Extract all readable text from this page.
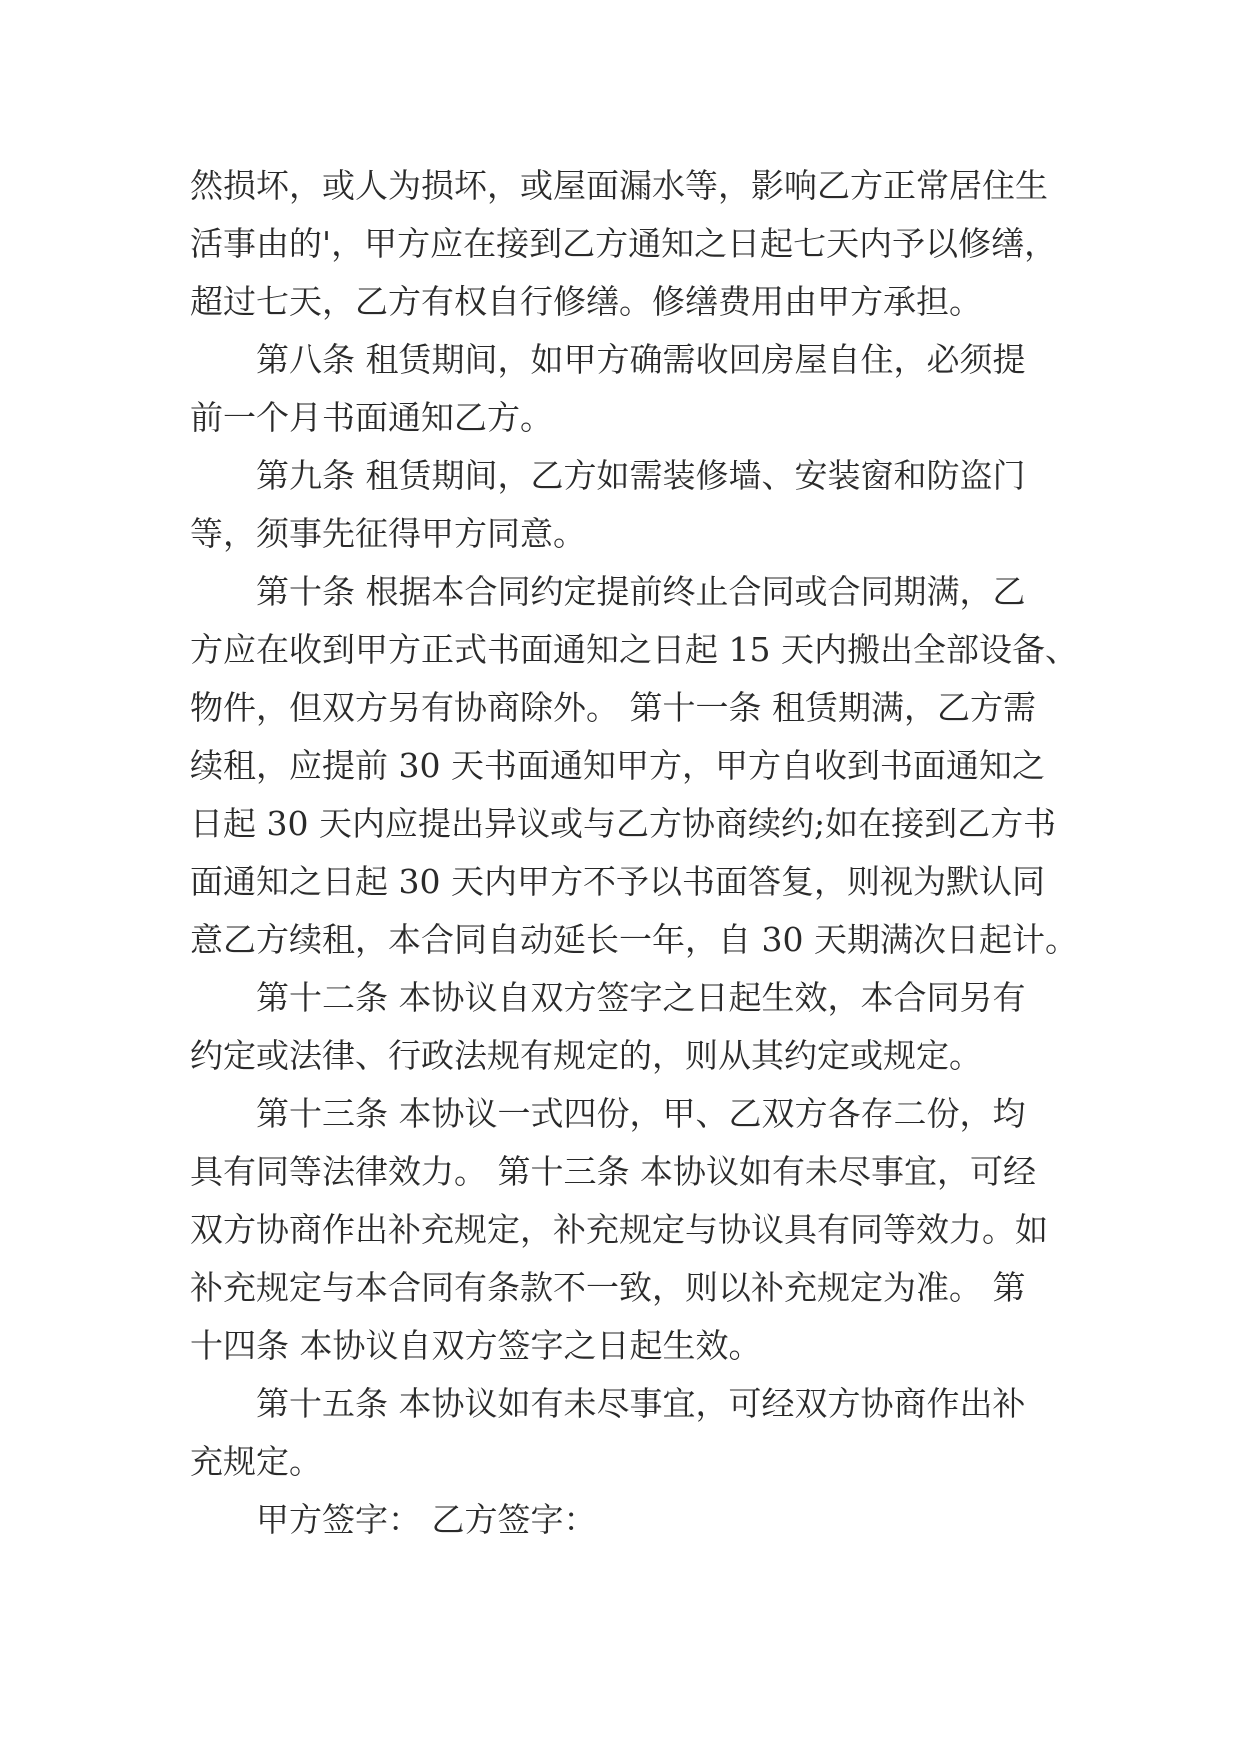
然损坏，或人为损坏，或屋面漏水等，影响乙方正常居住生
活事由的'，甲方应在接到乙方通知之日起七天内予以修缮，
超过七天，乙方有权自行修缮。修缮费用由甲方承担。
第八条 租赁期间，如甲方确需收回房屋自住，必须提
前一个月书面通知乙方。
第九条 租赁期间，乙方如需装修墙、安装窗和防盗门
等，须事先征得甲方同意。
第十条 根据本合同约定提前终止合同或合同期满，乙
方应在收到甲方正式书面通知之日起 15 天内搬出全部设备、
物件，但双方另有协商除外。 第十一条 租赁期满，乙方需
续租，应提前 30 天书面通知甲方，甲方自收到书面通知之
日起 30 天内应提出异议或与乙方协商续约;如在接到乙方书
面通知之日起 30 天内甲方不予以书面答复，则视为默认同
意乙方续租，本合同自动延长一年，自 30 天期满次日起计。
第十二条 本协议自双方签字之日起生效，本合同另有
约定或法律、行政法规有规定的，则从其约定或规定。
第十三条 本协议一式四份，甲、乙双方各存二份，均
具有同等法律效力。 第十三条 本协议如有未尽事宜，可经
双方协商作出补充规定，补充规定与协议具有同等效力。如
补充规定与本合同有条款不一致，则以补充规定为准。 第
十四条 本协议自双方签字之日起生效。
第十五条 本协议如有未尽事宜，可经双方协商作出补
充规定。
甲方签字： 乙方签字：
